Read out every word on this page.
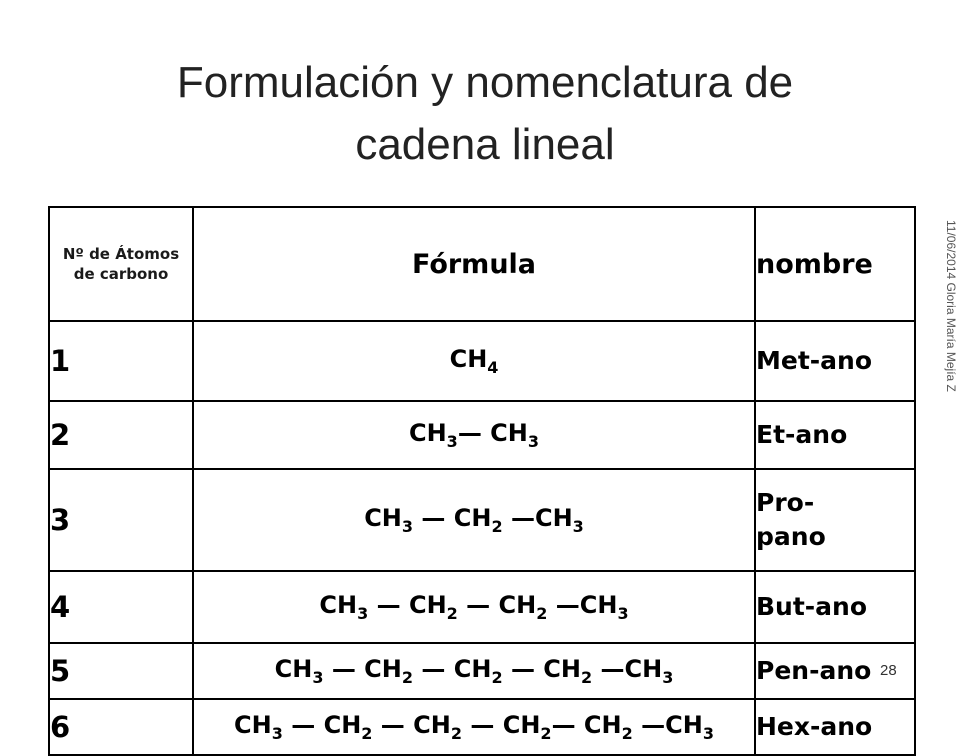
Formulación y nomenclatura de
cadena lineal
11/06/2014 Gloria María Mejía Z
Nº de Átomos de carbono	Fórmula	nombre
1	$CH_4$	Met-ano
2	$CH_3—$ $CH_3$	Et-ano
3	$CH_3$ — $CH_2$ $—CH_3$	Pro-pano

4	$CH_3$ — $CH_2$ — $CH_2$ $—CH_3$	But-ano
5	$CH_3$ — $CH_2$ — $CH_2$ — $CH_2$ $—CH_3$	Pen-ano
6	$CH_3$ — $CH_2$ — $CH_2$ — $CH_2—$ $CH_2$ $—CH_3$	Hex-ano
28
